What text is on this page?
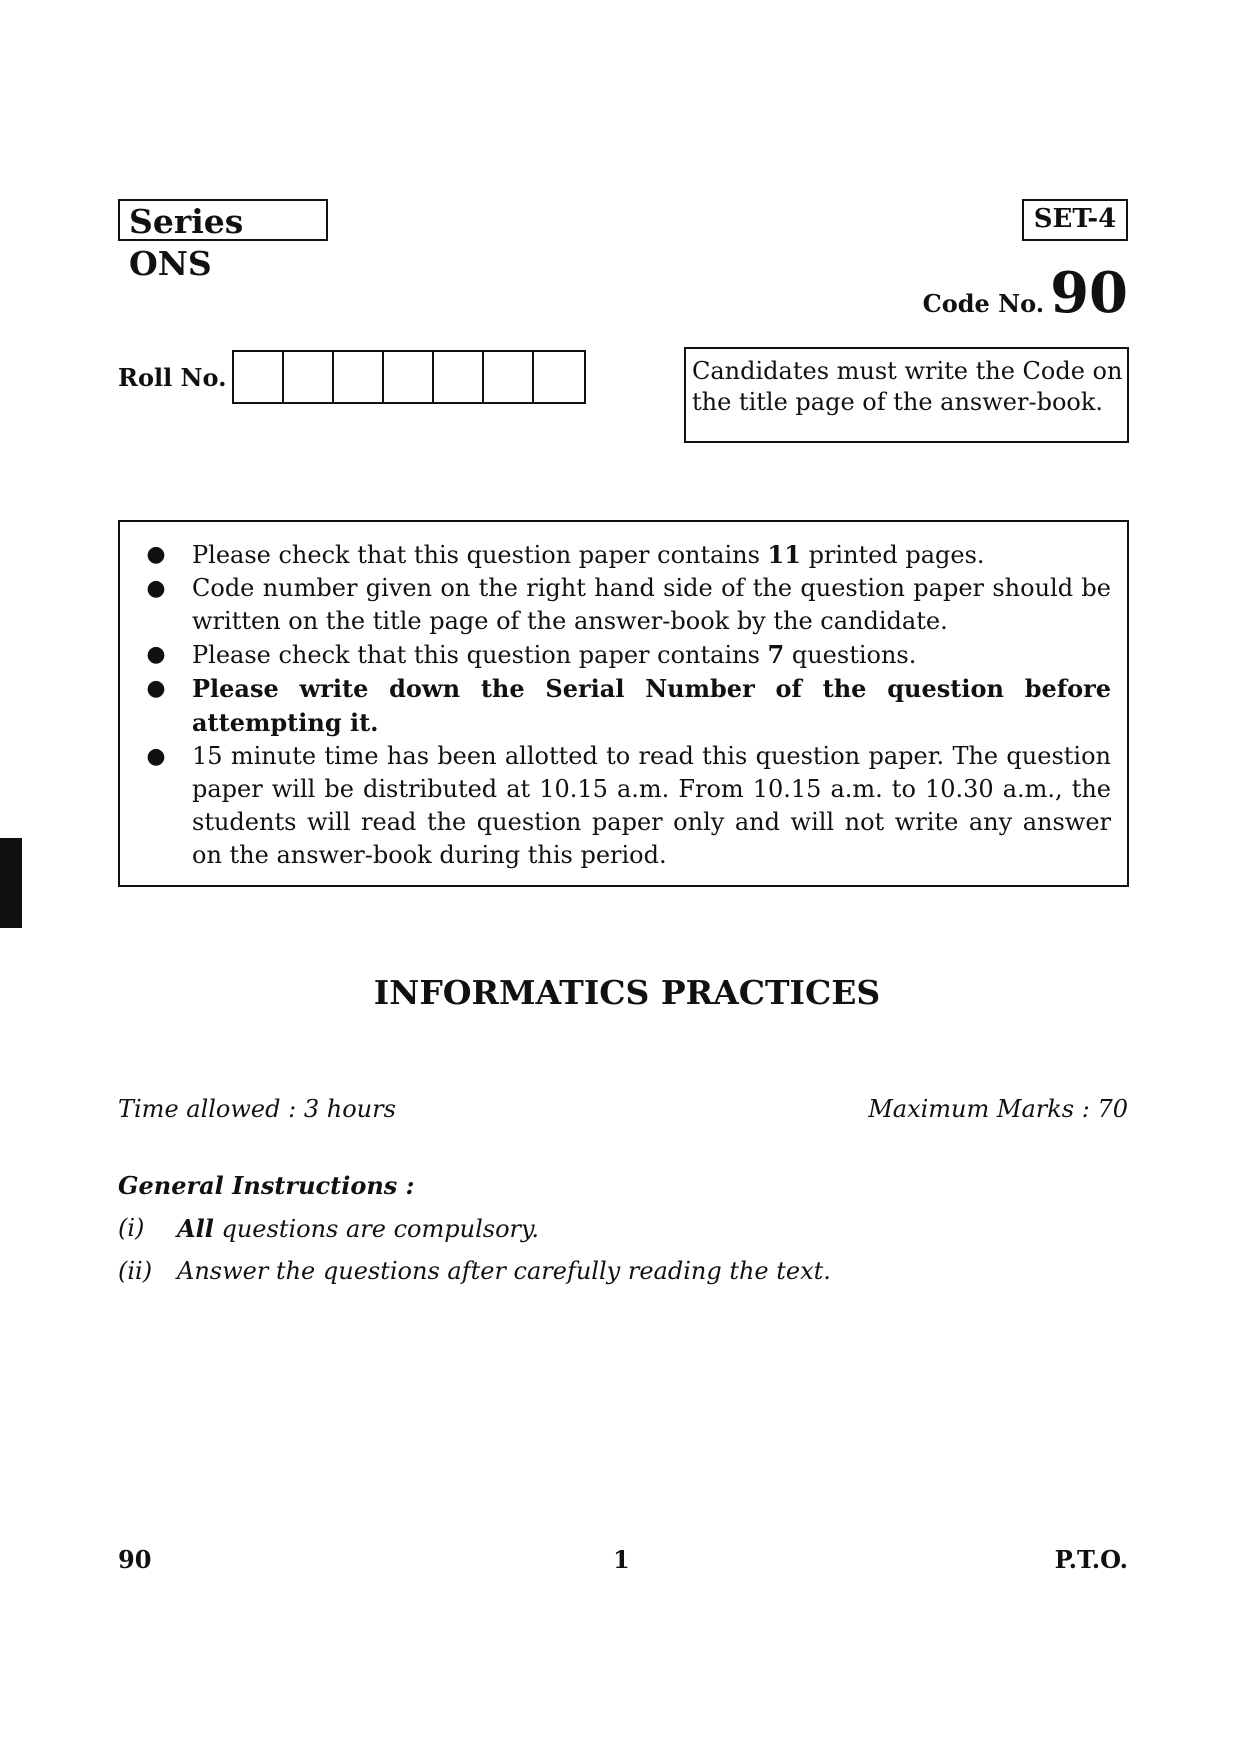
Series ONS
SET-4
Code No. 90
Roll No.	Candidates must write the Code on the title page of the answer-book.
●	Please check that this question paper contains 11 printed pages.
●	Code number given on the right hand side of the question paper should be written on the title page of the answer-book by the candidate.
●	Please check that this question paper contains 7 questions.
●	Please write down the Serial Number of the question before attempting it.
●	15 minute time has been allotted to read this question paper. The question paper will be distributed at 10.15 a.m. From 10.15 a.m. to 10.30 a.m., the students will read the question paper only and will not write any answer on the answer-book during this period.
INFORMATICS PRACTICES
Time allowed : 3 hours	Maximum Marks : 70
General Instructions :
(i)	All questions are compulsory.
(ii)	Answer the questions after carefully reading the text.
90	1	P.T.O.
